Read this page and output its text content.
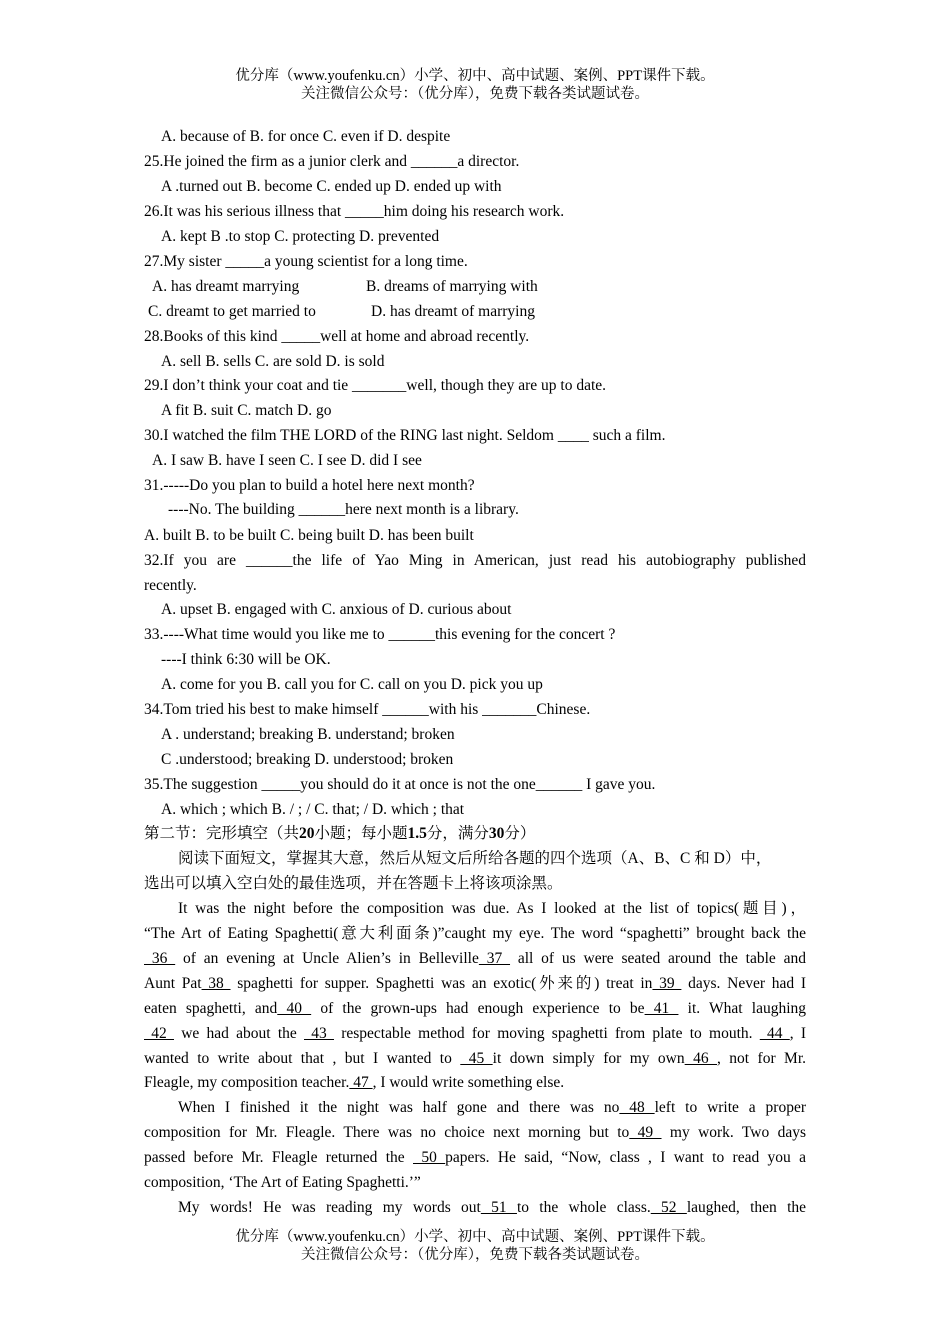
优分库（www.youfenku.cn）小学、初中、高中试题、案例、PPT课件下载。
关注微信公众号：（优分库），免费下载各类试题试卷。
A. because of B. for once C. even if D. despite
25.He joined the firm as a junior clerk and ______a director.
A .turned out B. become C. ended up D. ended up with
26.It was his serious illness that _____him doing his research work.
A. kept B .to stop C. protecting D. prevented
27.My sister _____a young scientist for a long time.
A. has dreamt marrying	B. dreams of marrying with
C. dreamt to get married to	D. has dreamt of marrying
28.Books of this kind _____well at home and abroad recently.
A. sell B. sells C. are sold D. is sold
29.I don’t think your coat and tie _______well, though they are up to date.
A fit B. suit C. match D. go
30.I watched the film THE LORD of the RING last night. Seldom ____ such a film.
A. I saw B. have I seen C. I see D. did I see
31.-----Do you plan to build a hotel here next month?
----No. The building ______here next month is a library.
A. built B. to be built C. being built D. has been built
32.If you are ______the life of Yao Ming in American, just read his autobiography published
recently.
A. upset B. engaged with C. anxious of D. curious about
33.----What time would you like me to ______this evening for the concert ?
----I think 6:30 will be OK.
A. come for you B. call you for C. call on you D. pick you up
34.Tom tried his best to make himself ______with his _______Chinese.
A . understand; breaking B. understand; broken
C .understood; breaking D. understood; broken
35.The suggestion _____you should do it at once is not the one______ I gave you.
A. which ; which B. / ; / C. that; / D. which ; that
第二节：完形填空（共20小题；每小题1.5分，满分30分）
阅读下面短文，掌握其大意，然后从短文后所给各题的四个选项（A、B、C 和 D）中，
选出可以填入空白处的最佳选项，并在答题卡上将该项涂黑。
It was the night before the composition was due. As I looked at the list of topics(题目)，
“The Art of Eating Spaghetti(意大利面条)”caught my eye. The word “spaghetti” brought back the
36  of an evening at Uncle Alien’s in Belleville 37  all of us were seated around the table and
Aunt Pat 38  spaghetti for supper. Spaghetti was an exotic(外来的) treat in 39  days. Never had I
eaten spaghetti, and 40  of the grown-ups had enough experience to be 41  it. What laughing
42  we had about the  43  respectable method for moving spaghetti from plate to mouth.  44 , I
wanted to write about that , but I wanted to  45 it down simply for my own 46 , not for Mr.
Fleagle, my composition teacher. 47 , I would write something else.
When I finished it the night was half gone and there was no 48 left to write a proper
composition for Mr. Fleagle. There was no choice next morning but to 49  my work. Two days
passed before Mr. Fleagle returned the  50 papers. He said, “Now, class , I want to read you a
composition, ‘The Art of Eating Spaghetti.’”
My words! He was reading my words out 51 to the whole class. 52 laughed, then the
优分库（www.youfenku.cn）小学、初中、高中试题、案例、PPT课件下载。
关注微信公众号：（优分库），免费下载各类试题试卷。
